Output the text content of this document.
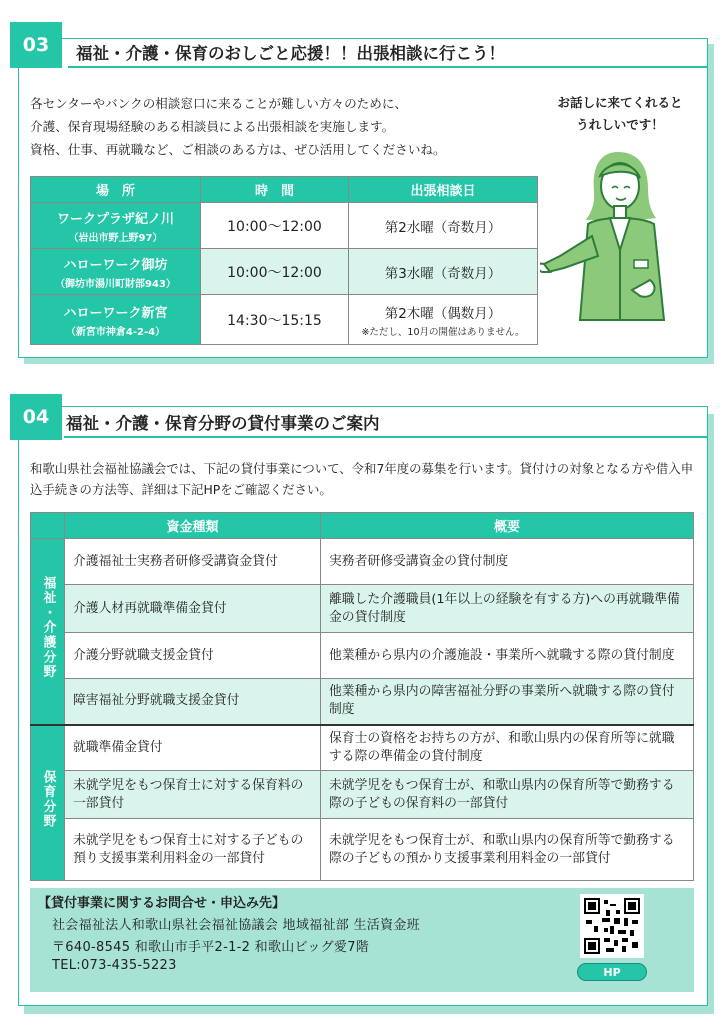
03	福祉・介護・保育のおしごと応援！！出張相談に行こう！
各センターやバンクの相談窓口に来ることが難しい方々のために、
介護、保育現場経験のある相談員による出張相談を実施します。
資格、仕事、再就職など、ご相談のある方は、ぜひ活用してくださいね。
お話しに来てくれると
うれしいです！
場　所	時　間	出張相談日

ワークプラザ紀ノ川
（岩出市野上野97）	10:00〜12:00	第2水曜（奇数月）

ハローワーク御坊
（御坊市湯川町財部943）	10:00〜12:00	第3水曜（奇数月）

ハローワーク新宮
（新宮市神倉4-2-4）	14:30〜15:15	第2木曜（偶数月）
※ただし、10月の開催はありません。
04	福祉・介護・保育分野の貸付事業のご案内
和歌山県社会福祉協議会では、下記の貸付事業について、令和7年度の募集を行います。貸付けの対象となる方や借入申込手続きの方法等、詳細は下記HPをご確認ください。
	資金種類	概要
福祉・介護分野	介護福祉士実務者研修受講資金貸付	実務者研修受講資金の貸付制度
	介護人材再就職準備金貸付	離職した介護職員(1年以上の経験を有する方)への再就職準備金の貸付制度
	介護分野就職支援金貸付	他業種から県内の介護施設・事業所へ就職する際の貸付制度
	障害福祉分野就職支援金貸付	他業種から県内の障害福祉分野の事業所へ就職する際の貸付制度
保育分野	就職準備金貸付	保育士の資格をお持ちの方が、和歌山県内の保育所等に就職する際の準備金の貸付制度
	未就学児をもつ保育士に対する保育料の一部貸付	未就学児をもつ保育士が、和歌山県内の保育所等で勤務する際の子どもの保育料の一部貸付
	未就学児をもつ保育士に対する子どもの預り支援事業利用料金の一部貸付	未就学児をもつ保育士が、和歌山県内の保育所等で勤務する際の子どもの預かり支援事業利用料金の一部貸付
【貸付事業に関するお問合せ・申込み先】
社会福祉法人和歌山県社会福祉協議会 地域福祉部 生活資金班
〒640-8545 和歌山市手平2-1-2 和歌山ビッグ愛7階
TEL:073-435-5223	HP
